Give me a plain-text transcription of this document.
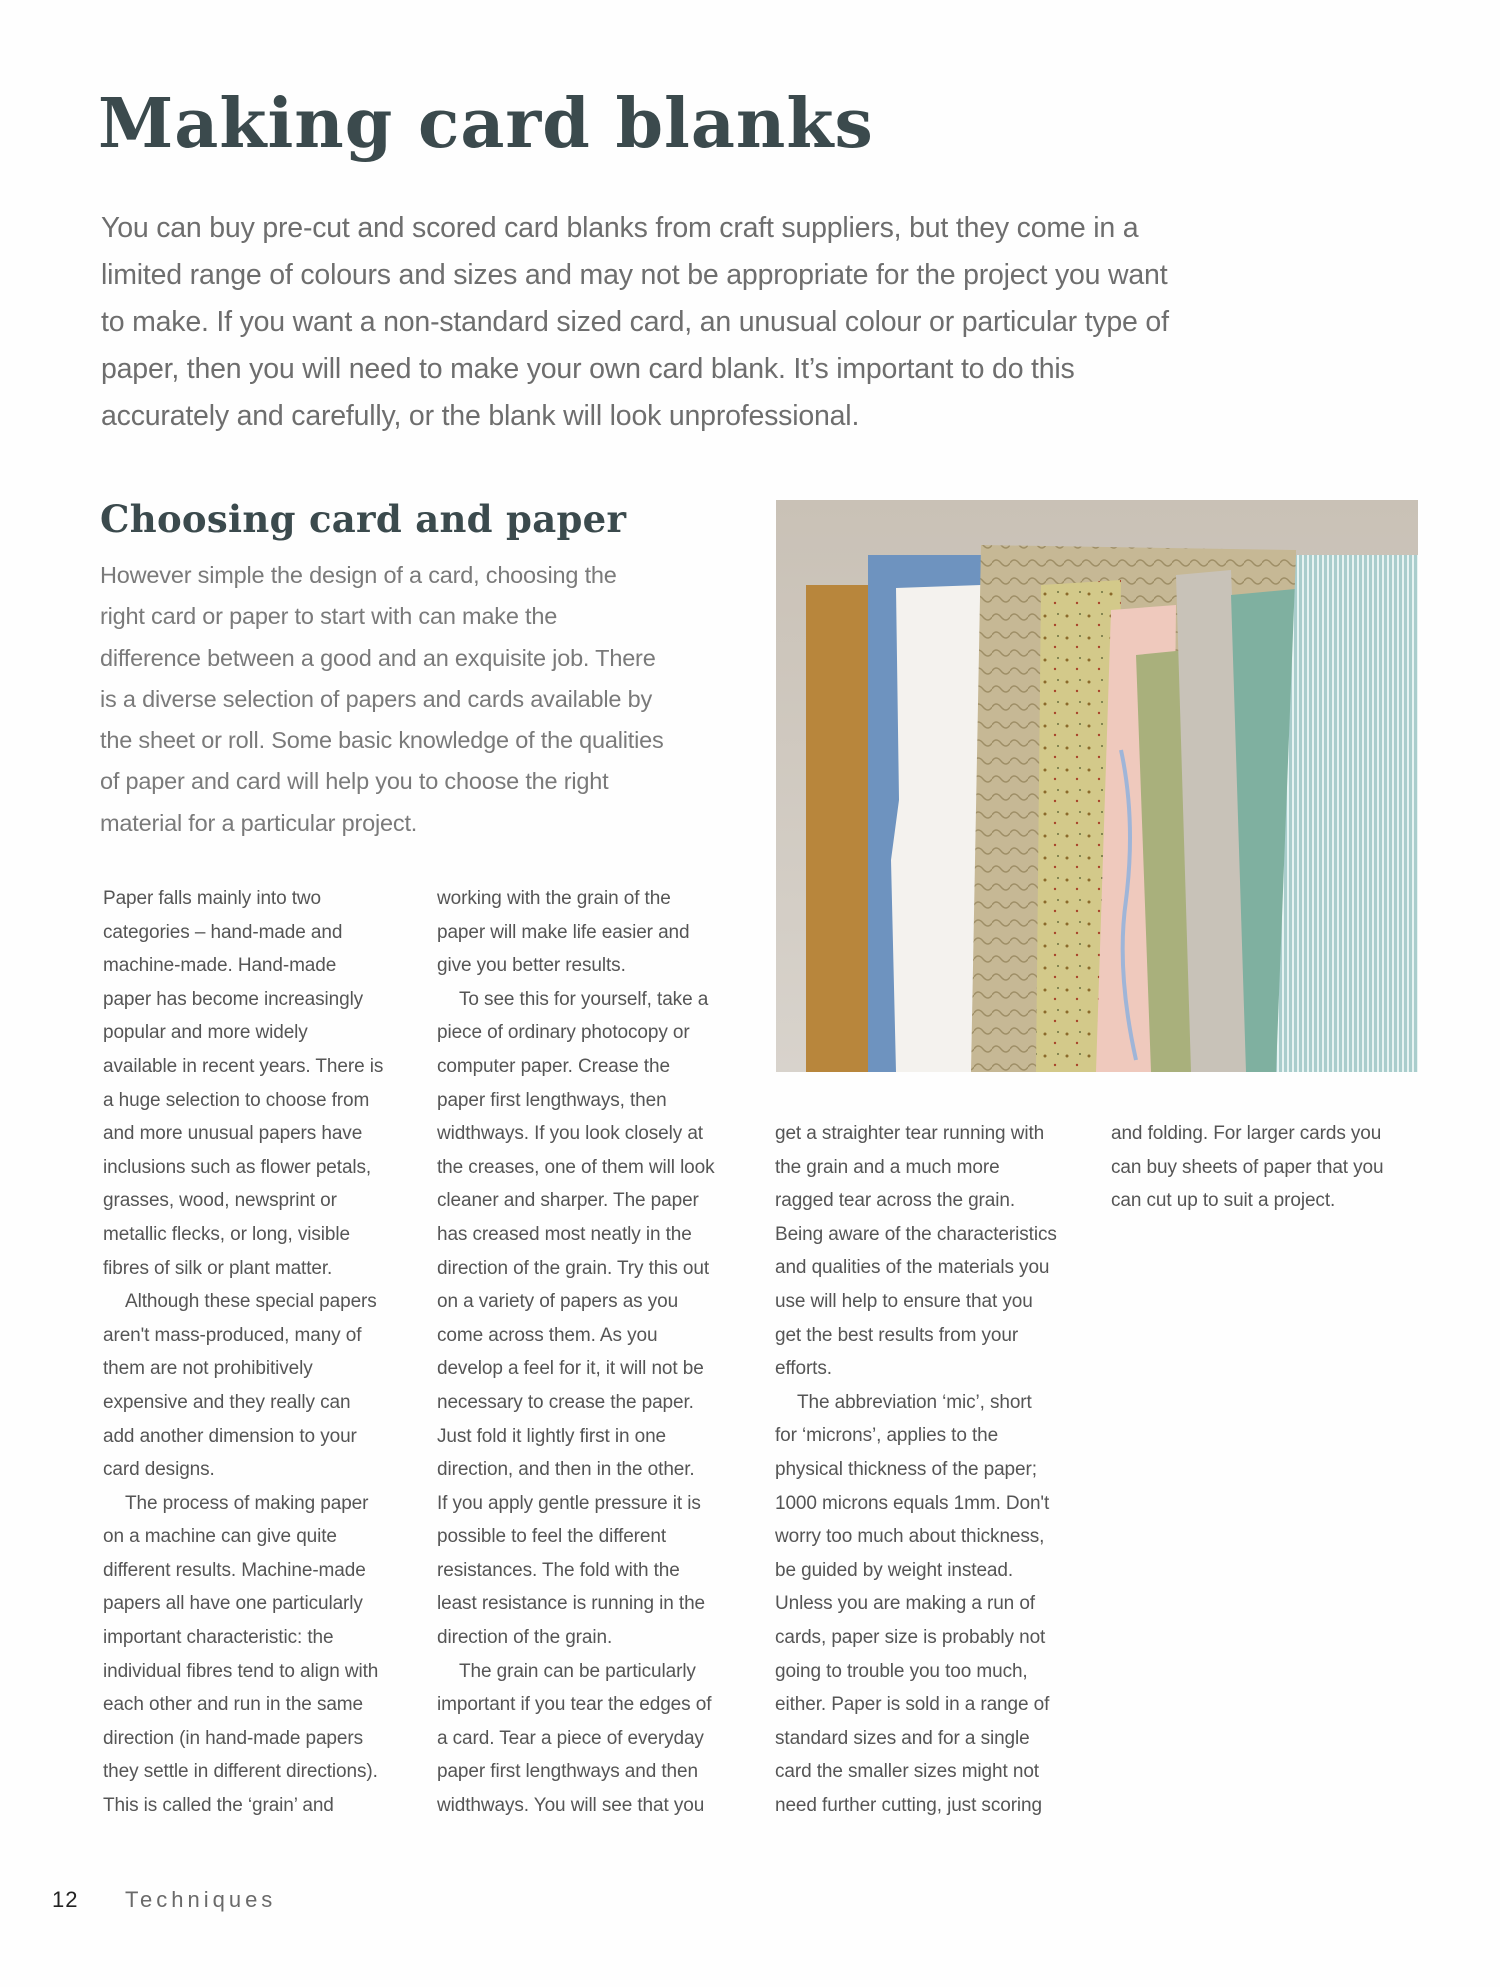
Making card blanks

You can buy pre-cut and scored card blanks from craft suppliers, but they come in a
limited range of colours and sizes and may not be appropriate for the project you want
to make. If you want a non-standard sized card, an unusual colour or particular type of
paper, then you will need to make your own card blank. It’s important to do this
accurately and carefully, or the blank will look unprofessional.

Choosing card and paper

However simple the design of a card, choosing the
right card or paper to start with can make the
difference between a good and an exquisite job. There
is a diverse selection of papers and cards available by
the sheet or roll. Some basic knowledge of the qualities
of paper and card will help you to choose the right
material for a particular project.

Paper falls mainly into two
categories – hand-made and
machine-made. Hand-made
paper has become increasingly
popular and more widely
available in recent years. There is
a huge selection to choose from
and more unusual papers have
inclusions such as flower petals,
grasses, wood, newsprint or
metallic flecks, or long, visible
fibres of silk or plant matter.
Although these special papers
aren't mass-produced, many of
them are not prohibitively
expensive and they really can
add another dimension to your
card designs.
The process of making paper
on a machine can give quite
different results. Machine-made
papers all have one particularly
important characteristic: the
individual fibres tend to align with
each other and run in the same
direction (in hand-made papers
they settle in different directions).
This is called the ‘grain’ and
working with the grain of the
paper will make life easier and
give you better results.
To see this for yourself, take a
piece of ordinary photocopy or
computer paper. Crease the
paper first lengthways, then
widthways. If you look closely at
the creases, one of them will look
cleaner and sharper. The paper
has creased most neatly in the
direction of the grain. Try this out
on a variety of papers as you
come across them. As you
develop a feel for it, it will not be
necessary to crease the paper.
Just fold it lightly first in one
direction, and then in the other.
If you apply gentle pressure it is
possible to feel the different
resistances. The fold with the
least resistance is running in the
direction of the grain.
The grain can be particularly
important if you tear the edges of
a card. Tear a piece of everyday
paper first lengthways and then
widthways. You will see that you
get a straighter tear running with
the grain and a much more
ragged tear across the grain.
Being aware of the characteristics
and qualities of the materials you
use will help to ensure that you
get the best results from your
efforts.
The abbreviation ‘mic’, short
for ‘microns’, applies to the
physical thickness of the paper;
1000 microns equals 1mm. Don't
worry too much about thickness,
be guided by weight instead.
Unless you are making a run of
cards, paper size is probably not
going to trouble you too much,
either. Paper is sold in a range of
standard sizes and for a single
card the smaller sizes might not
need further cutting, just scoring
and folding. For larger cards you
can buy sheets of paper that you
can cut up to suit a project.
12 Techniques
